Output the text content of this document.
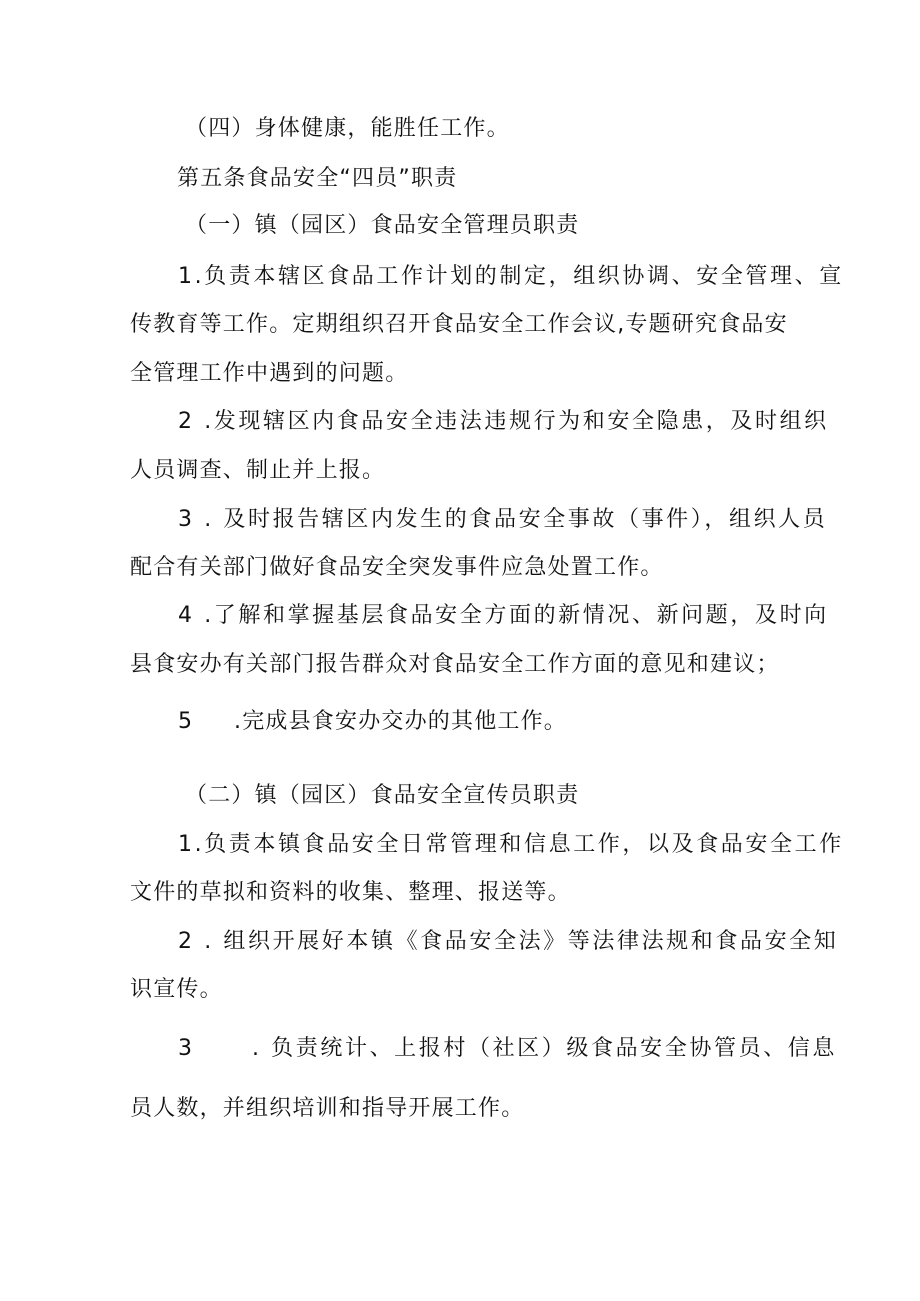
（四）身体健康，能胜任工作。
第五条食品安全“四员”职责
（一）镇（园区）食品安全管理员职责
1.负责本辖区食品工作计划的制定，组织协调、安全管理、宣
传教育等工作。定期组织召开食品安全工作会议,专题研究食品安
全管理工作中遇到的问题。
2 .发现辖区内食品安全违法违规行为和安全隐患，及时组织
人员调查、制止并上报。
3 . 及时报告辖区内发生的食品安全事故（事件），组织人员
配合有关部门做好食品安全突发事件应急处置工作。
4 .了解和掌握基层食品安全方面的新情况、新问题，及时向
县食安办有关部门报告群众对食品安全工作方面的意见和建议；
5 .完成县食安办交办的其他工作。
（二）镇（园区）食品安全宣传员职责
1.负责本镇食品安全日常管理和信息工作，以及食品安全工作
文件的草拟和资料的收集、整理、报送等。
2 . 组织开展好本镇《食品安全法》等法律法规和食品安全知
识宣传。
3	. 负责统计、上报村（社区）级食品安全协管员、信息
员人数，并组织培训和指导开展工作。
